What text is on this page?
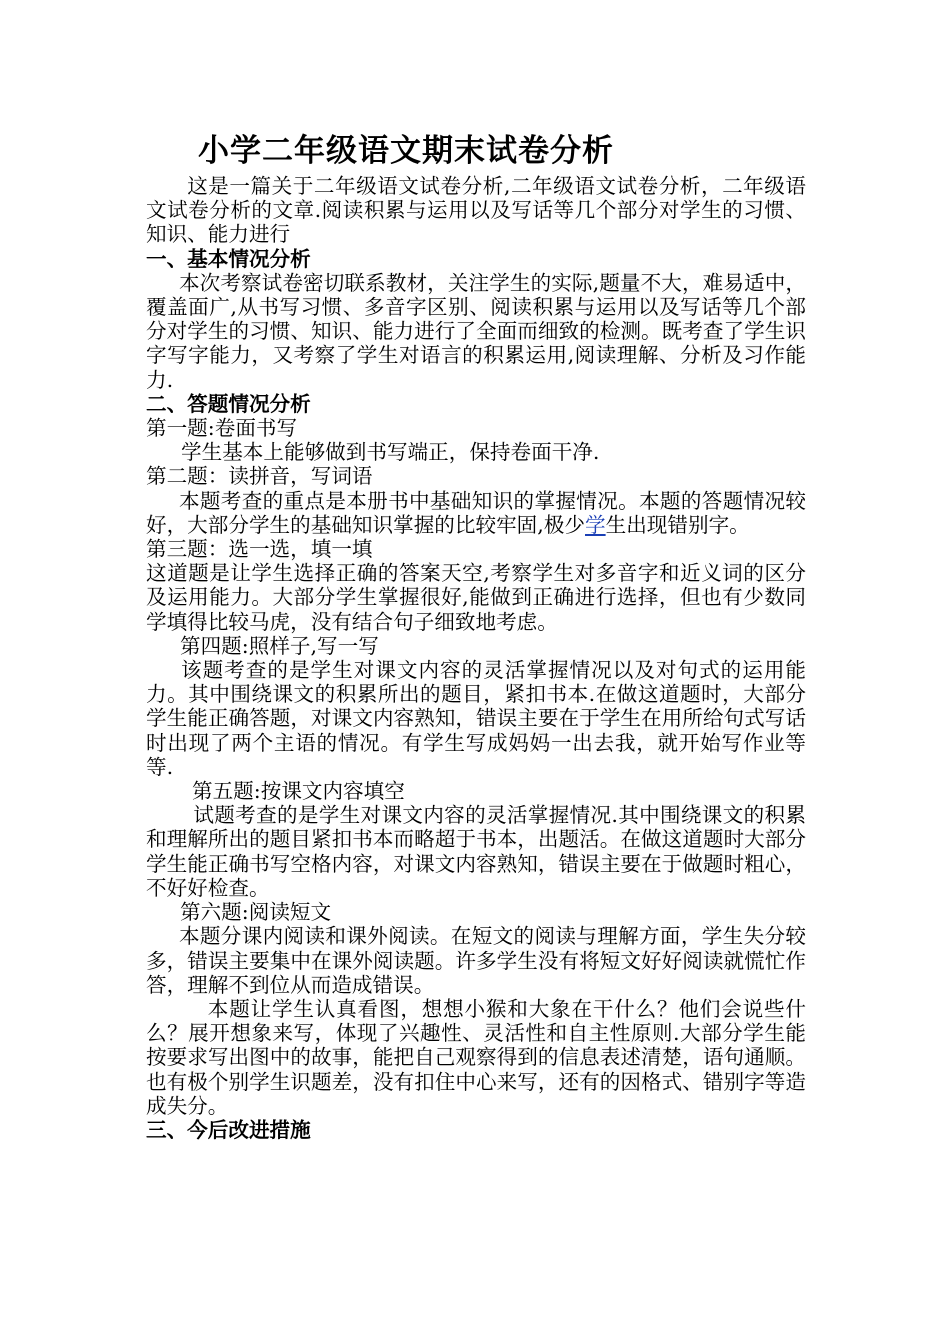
小学二年级语文期末试卷分析

这是一篇关于二年级语文试卷分析,二年级语文试卷分析，二年级语文试卷分析的文章.阅读积累与运用以及写话等几个部分对学生的习惯、知识、能力进行

一、基本情况分析

本次考察试卷密切联系教材，关注学生的实际,题量不大，难易适中，覆盖面广,从书写习惯、多音字区别、阅读积累与运用以及写话等几个部分对学生的习惯、知识、能力进行了全面而细致的检测。既考查了学生识字写字能力，又考察了学生对语言的积累运用,阅读理解、分析及习作能力.

二、答题情况分析

第一题:卷面书写

学生基本上能够做到书写端正，保持卷面干净.

第二题：读拼音，写词语

本题考查的重点是本册书中基础知识的掌握情况。本题的答题情况较好，大部分学生的基础知识掌握的比较牢固,极少学生出现错别字。

第三题：选一选，填一填

这道题是让学生选择正确的答案天空,考察学生对多音字和近义词的区分及运用能力。大部分学生掌握很好,能做到正确进行选择，但也有少数同学填得比较马虎，没有结合句子细致地考虑。

第四题:照样子,写一写

该题考查的是学生对课文内容的灵活掌握情况以及对句式的运用能力。其中围绕课文的积累所出的题目，紧扣书本.在做这道题时，大部分学生能正确答题，对课文内容熟知，错误主要在于学生在用所给句式写话时出现了两个主语的情况。有学生写成妈妈一出去我，就开始写作业等等.

第五题:按课文内容填空

试题考查的是学生对课文内容的灵活掌握情况.其中围绕课文的积累和理解所出的题目紧扣书本而略超于书本，出题活。在做这道题时大部分学生能正确书写空格内容，对课文内容熟知，错误主要在于做题时粗心，不好好检查。

第六题:阅读短文

本题分课内阅读和课外阅读。在短文的阅读与理解方面，学生失分较多，错误主要集中在课外阅读题。许多学生没有将短文好好阅读就慌忙作答，理解不到位从而造成错误。

本题让学生认真看图，想想小猴和大象在干什么？他们会说些什么？展开想象来写，体现了兴趣性、灵活性和自主性原则.大部分学生能按要求写出图中的故事，能把自己观察得到的信息表述清楚，语句通顺。也有极个别学生识题差，没有扣住中心来写，还有的因格式、错别字等造成失分。

三、今后改进措施
